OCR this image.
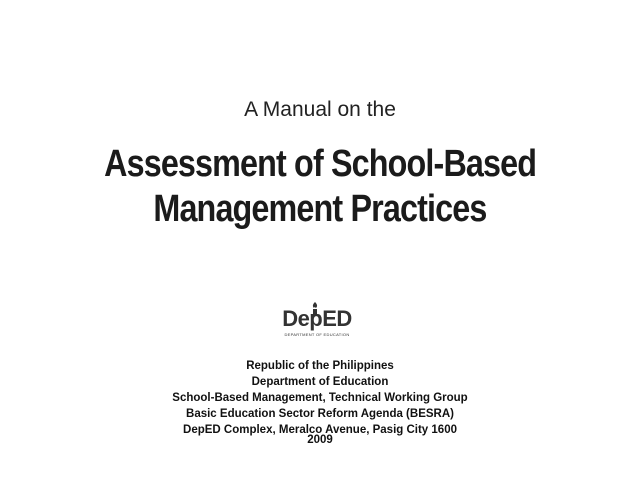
A Manual on the
Assessment of School-Based
Management Practices
DepED
DEPARTMENT OF EDUCATION
Republic of the Philippines
Department of Education
School-Based Management, Technical Working Group
Basic Education Sector Reform Agenda (BESRA)
DepED Complex, Meralco Avenue, Pasig City 1600
2009
